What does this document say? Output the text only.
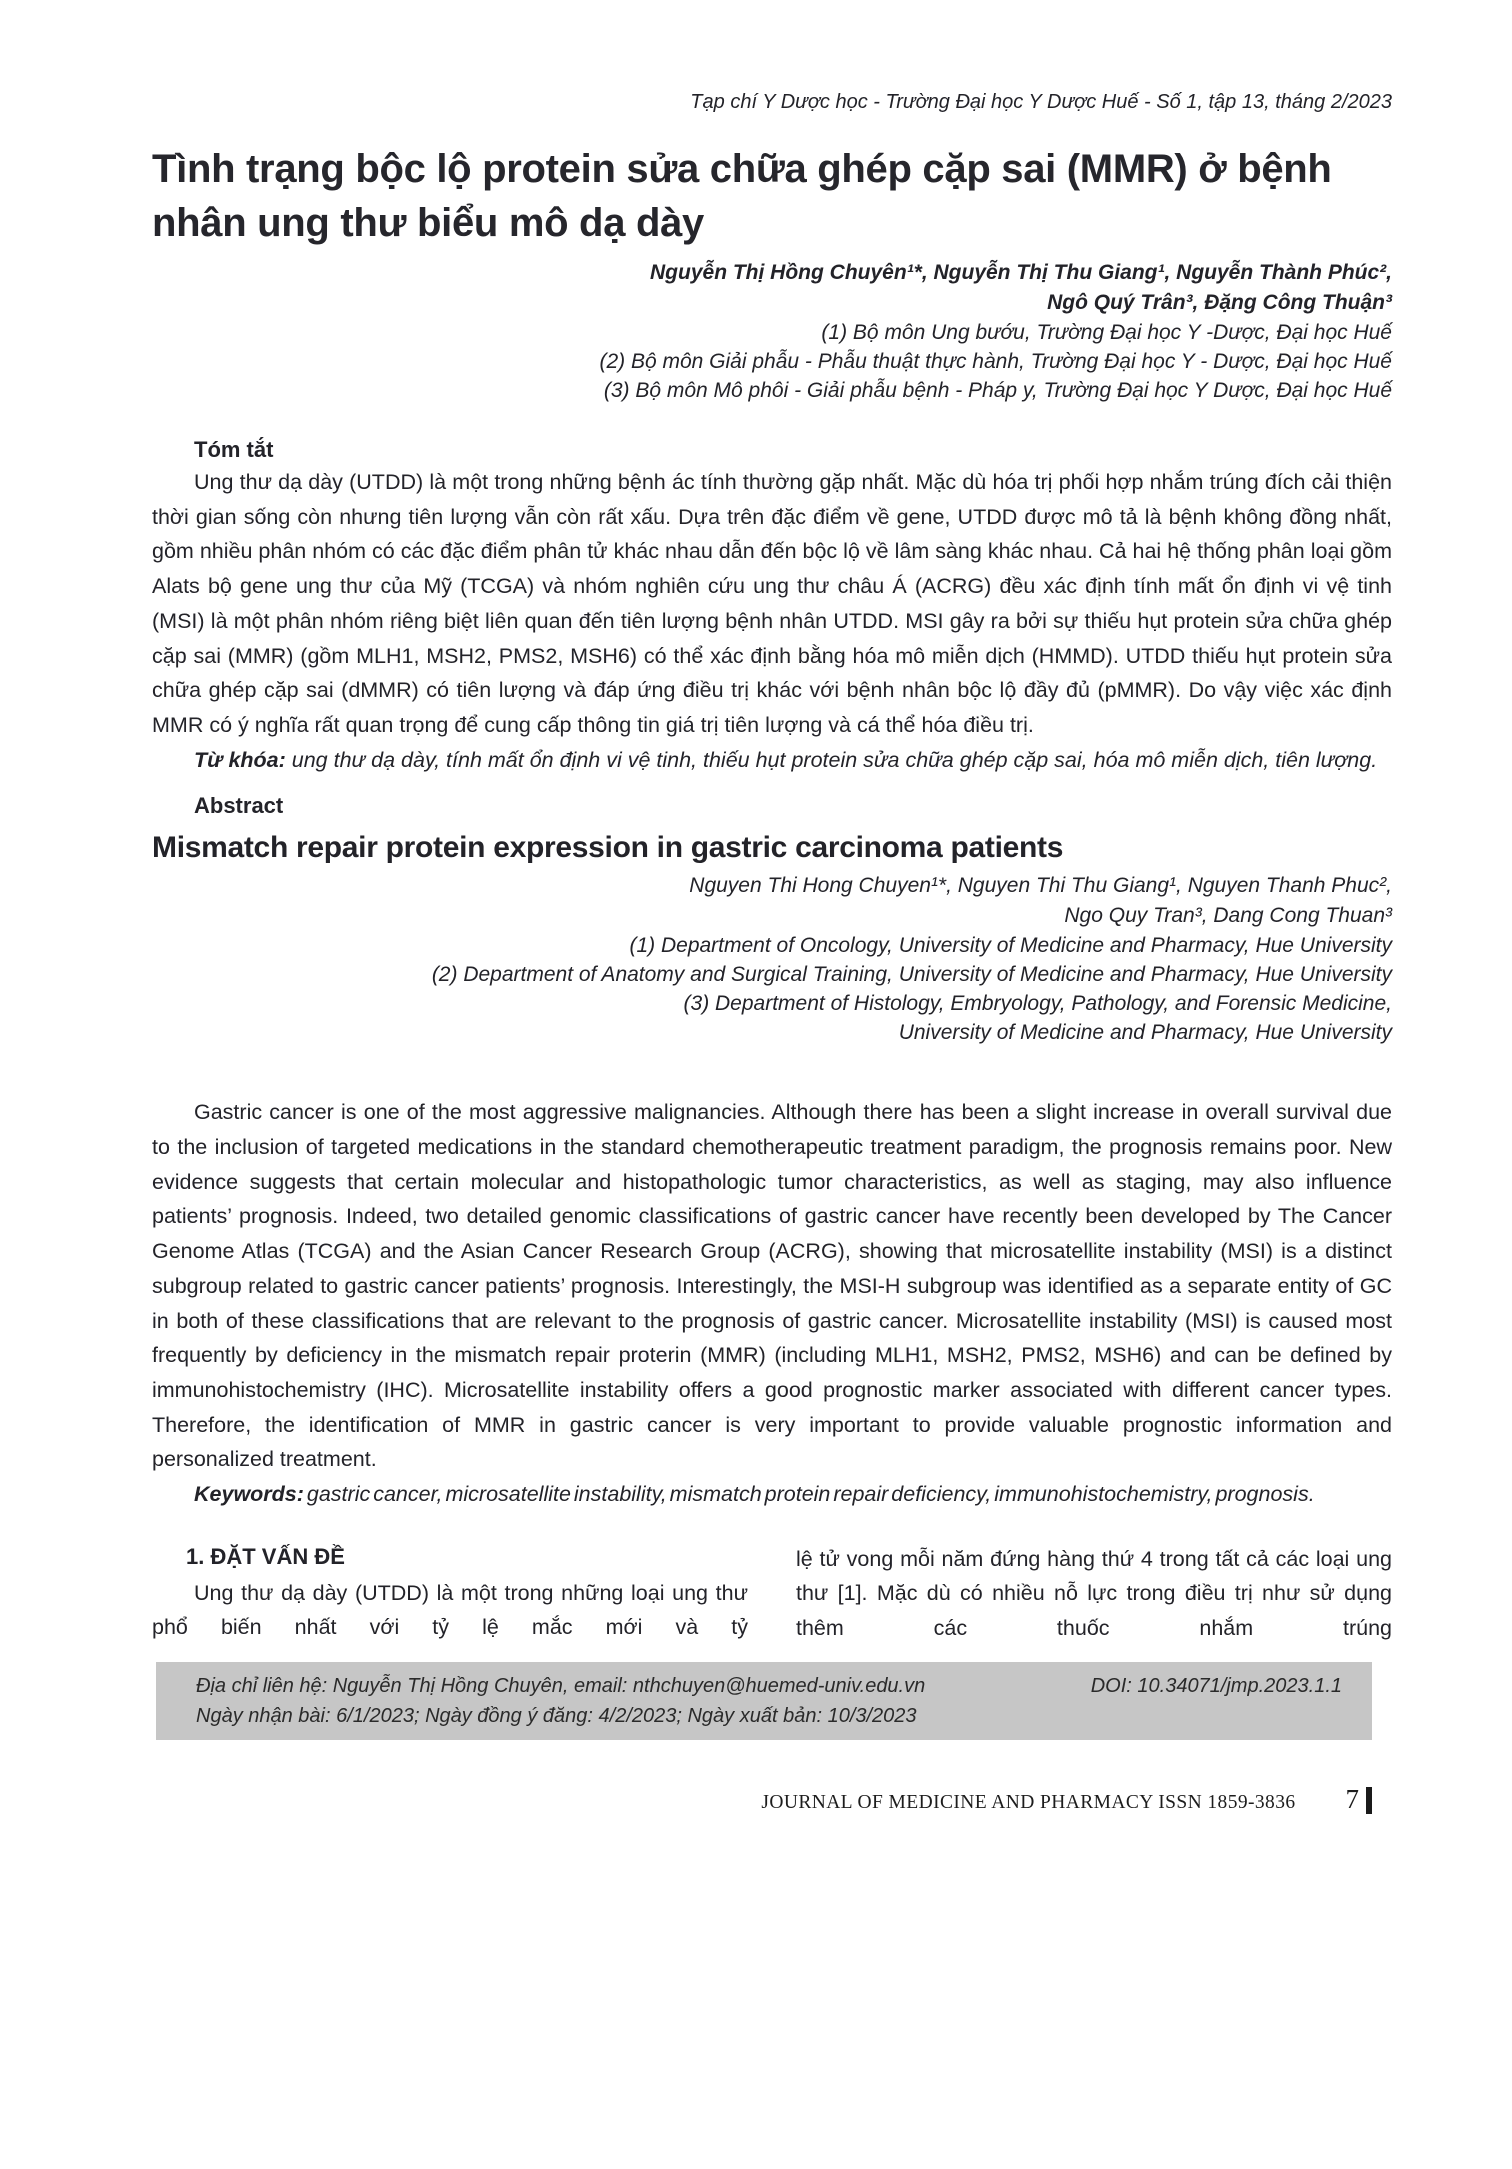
Tạp chí Y Dược học - Trường Đại học Y Dược Huế - Số 1, tập 13, tháng 2/2023
Tình trạng bộc lộ protein sửa chữa ghép cặp sai (MMR) ở bệnh nhân ung thư biểu mô dạ dày
Nguyễn Thị Hồng Chuyên¹*, Nguyễn Thị Thu Giang¹, Nguyễn Thành Phúc²,
Ngô Quý Trân³, Đặng Công Thuận³
(1) Bộ môn Ung bướu, Trường Đại học Y -Dược, Đại học Huế
(2) Bộ môn Giải phẫu - Phẫu thuật thực hành, Trường Đại học Y - Dược, Đại học Huế
(3) Bộ môn Mô phôi - Giải phẫu bệnh - Pháp y, Trường Đại học Y Dược, Đại học Huế
Tóm tắt

Ung thư dạ dày (UTDD) là một trong những bệnh ác tính thường gặp nhất. Mặc dù hóa trị phối hợp nhắm trúng đích cải thiện thời gian sống còn nhưng tiên lượng vẫn còn rất xấu. Dựa trên đặc điểm về gene, UTDD được mô tả là bệnh không đồng nhất, gồm nhiều phân nhóm có các đặc điểm phân tử khác nhau dẫn đến bộc lộ về lâm sàng khác nhau. Cả hai hệ thống phân loại gồm Alats bộ gene ung thư của Mỹ (TCGA) và nhóm nghiên cứu ung thư châu Á (ACRG) đều xác định tính mất ổn định vi vệ tinh (MSI) là một phân nhóm riêng biệt liên quan đến tiên lượng bệnh nhân UTDD. MSI gây ra bởi sự thiếu hụt protein sửa chữa ghép cặp sai (MMR) (gồm MLH1, MSH2, PMS2, MSH6) có thể xác định bằng hóa mô miễn dịch (HMMD). UTDD thiếu hụt protein sửa chữa ghép cặp sai (dMMR) có tiên lượng và đáp ứng điều trị khác với bệnh nhân bộc lộ đầy đủ (pMMR). Do vậy việc xác định MMR có ý nghĩa rất quan trọng để cung cấp thông tin giá trị tiên lượng và cá thể hóa điều trị.

Từ khóa: ung thư dạ dày, tính mất ổn định vi vệ tinh, thiếu hụt protein sửa chữa ghép cặp sai, hóa mô miễn dịch, tiên lượng.

Abstract
Mismatch repair protein expression in gastric carcinoma patients
Nguyen Thi Hong Chuyen¹*, Nguyen Thi Thu Giang¹, Nguyen Thanh Phuc²,
Ngo Quy Tran³, Dang Cong Thuan³
(1) Department of Oncology, University of Medicine and Pharmacy, Hue University
(2) Department of Anatomy and Surgical Training, University of Medicine and Pharmacy, Hue University
(3) Department of Histology, Embryology, Pathology, and Forensic Medicine,
University of Medicine and Pharmacy, Hue University

Gastric cancer is one of the most aggressive malignancies. Although there has been a slight increase in overall survival due to the inclusion of targeted medications in the standard chemotherapeutic treatment paradigm, the prognosis remains poor. New evidence suggests that certain molecular and histopathologic tumor characteristics, as well as staging, may also influence patients’ prognosis. Indeed, two detailed genomic classifications of gastric cancer have recently been developed by The Cancer Genome Atlas (TCGA) and the Asian Cancer Research Group (ACRG), showing that microsatellite instability (MSI) is a distinct subgroup related to gastric cancer patients’ prognosis. Interestingly, the MSI-H subgroup was identified as a separate entity of GC in both of these classifications that are relevant to the prognosis of gastric cancer. Microsatellite instability (MSI) is caused most frequently by deficiency in the mismatch repair proterin (MMR) (including MLH1, MSH2, PMS2, MSH6) and can be defined by immunohistochemistry (IHC). Microsatellite instability offers a good prognostic marker associated with different cancer types. Therefore, the identification of MMR in gastric cancer is very important to provide valuable prognostic information and personalized treatment.

Keywords: gastric cancer, microsatellite instability, mismatch protein repair deficiency, immunohistochemistry, prognosis.

1. ĐẶT VẤN ĐỀ

Ung thư dạ dày (UTDD) là một trong những loại ung thư phổ biến nhất với tỷ lệ mắc mới và tỷ

lệ tử vong mỗi năm đứng hàng thứ 4 trong tất cả các loại ung thư [1]. Mặc dù có nhiều nỗ lực trong điều trị như sử dụng thêm các thuốc nhắm trúng

Địa chỉ liên hệ: Nguyễn Thị Hồng Chuyên, email: nthchuyen@huemed-univ.edu.vn	DOI: 10.34071/jmp.2023.1.1
Ngày nhận bài: 6/1/2023; Ngày đồng ý đăng: 4/2/2023; Ngày xuất bản: 10/3/2023
JOURNAL OF MEDICINE AND PHARMACY ISSN 1859-3836 7
